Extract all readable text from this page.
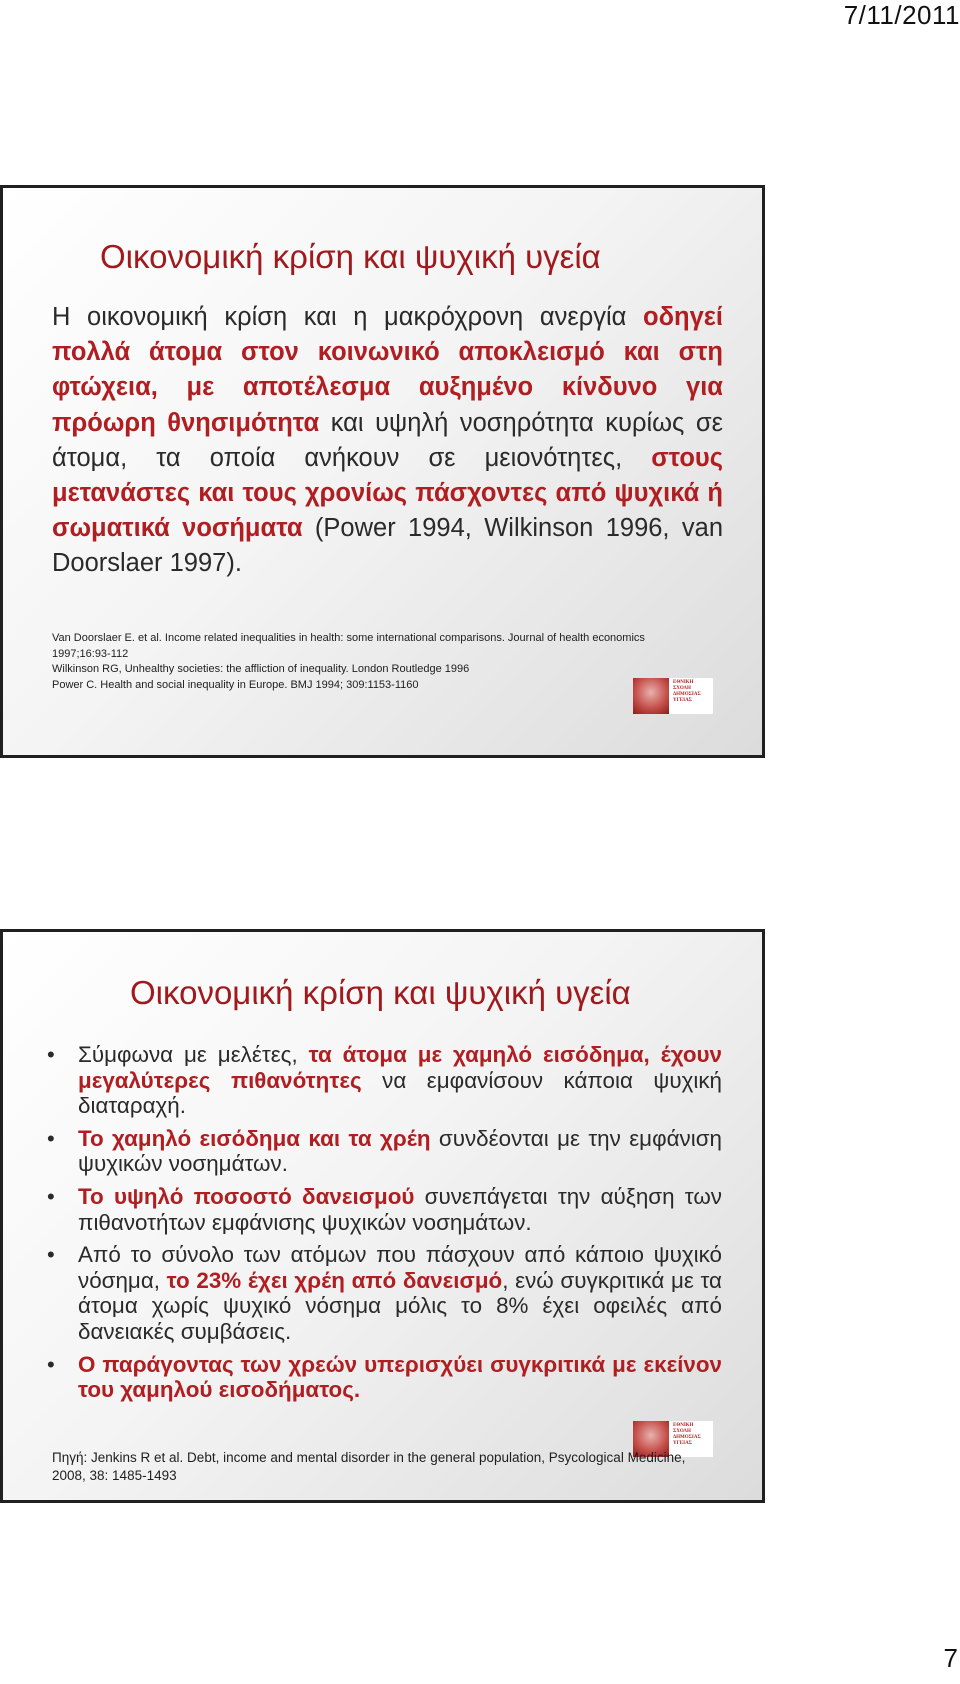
7/11/2011
Οικονομική κρίση και ψυχική υγεία

Η οικονομική κρίση και η μακρόχρονη ανεργία οδηγεί πολλά άτομα στον κοινωνικό αποκλεισμό και στη φτώχεια, με αποτέλεσμα αυξημένο κίνδυνο για πρόωρη θνησιμότητα και υψηλή νοσηρότητα κυρίως σε άτομα, τα οποία ανήκουν σε μειονότητες, στους μετανάστες και τους χρονίως πάσχοντες από ψυχικά ή σωματικά νοσήματα (Power 1994, Wilkinson 1996, van Doorslaer 1997).

Van Doorslaer E. et al. Income related inequalities in health: some international comparisons. Journal of health economics
1997;16:93-112
Wilkinson RG, Unhealthy societies: the affliction of inequality. London Routledge 1996
Power C. Health and social inequality in Europe. BMJ 1994; 309:1153-1160	ΕΘΝΙΚΗ ΣΧΟΛΗ ΔΗΜΟΣΙΑΣ ΥΓΕΙΑΣ
Οικονομική κρίση και ψυχική υγεία
• Σύμφωνα με μελέτες, τα άτομα με χαμηλό εισόδημα, έχουν μεγαλύτερες πιθανότητες να εμφανίσουν κάποια ψυχική διαταραχή.
• Το χαμηλό εισόδημα και τα χρέη συνδέονται με την εμφάνιση ψυχικών νοσημάτων.
• Το υψηλό ποσοστό δανεισμού συνεπάγεται την αύξηση των πιθανοτήτων εμφάνισης ψυχικών νοσημάτων.
• Από το σύνολο των ατόμων που πάσχουν από κάποιο ψυχικό νόσημα, το 23% έχει χρέη από δανεισμό, ενώ συγκριτικά με τα άτομα χωρίς ψυχικό νόσημα μόλις το 8% έχει οφειλές από δανειακές συμβάσεις.
• Ο παράγοντας των χρεών υπερισχύει συγκριτικά με εκείνον του χαμηλού εισοδήματος.
ΕΘΝΙΚΗ ΣΧΟΛΗ ΔΗΜΟΣΙΑΣ ΥΓΕΙΑΣ
Πηγή: Jenkins R et al. Debt, income and mental disorder in the general population, Psycological Medicine, 2008, 38: 1485-1493
7
